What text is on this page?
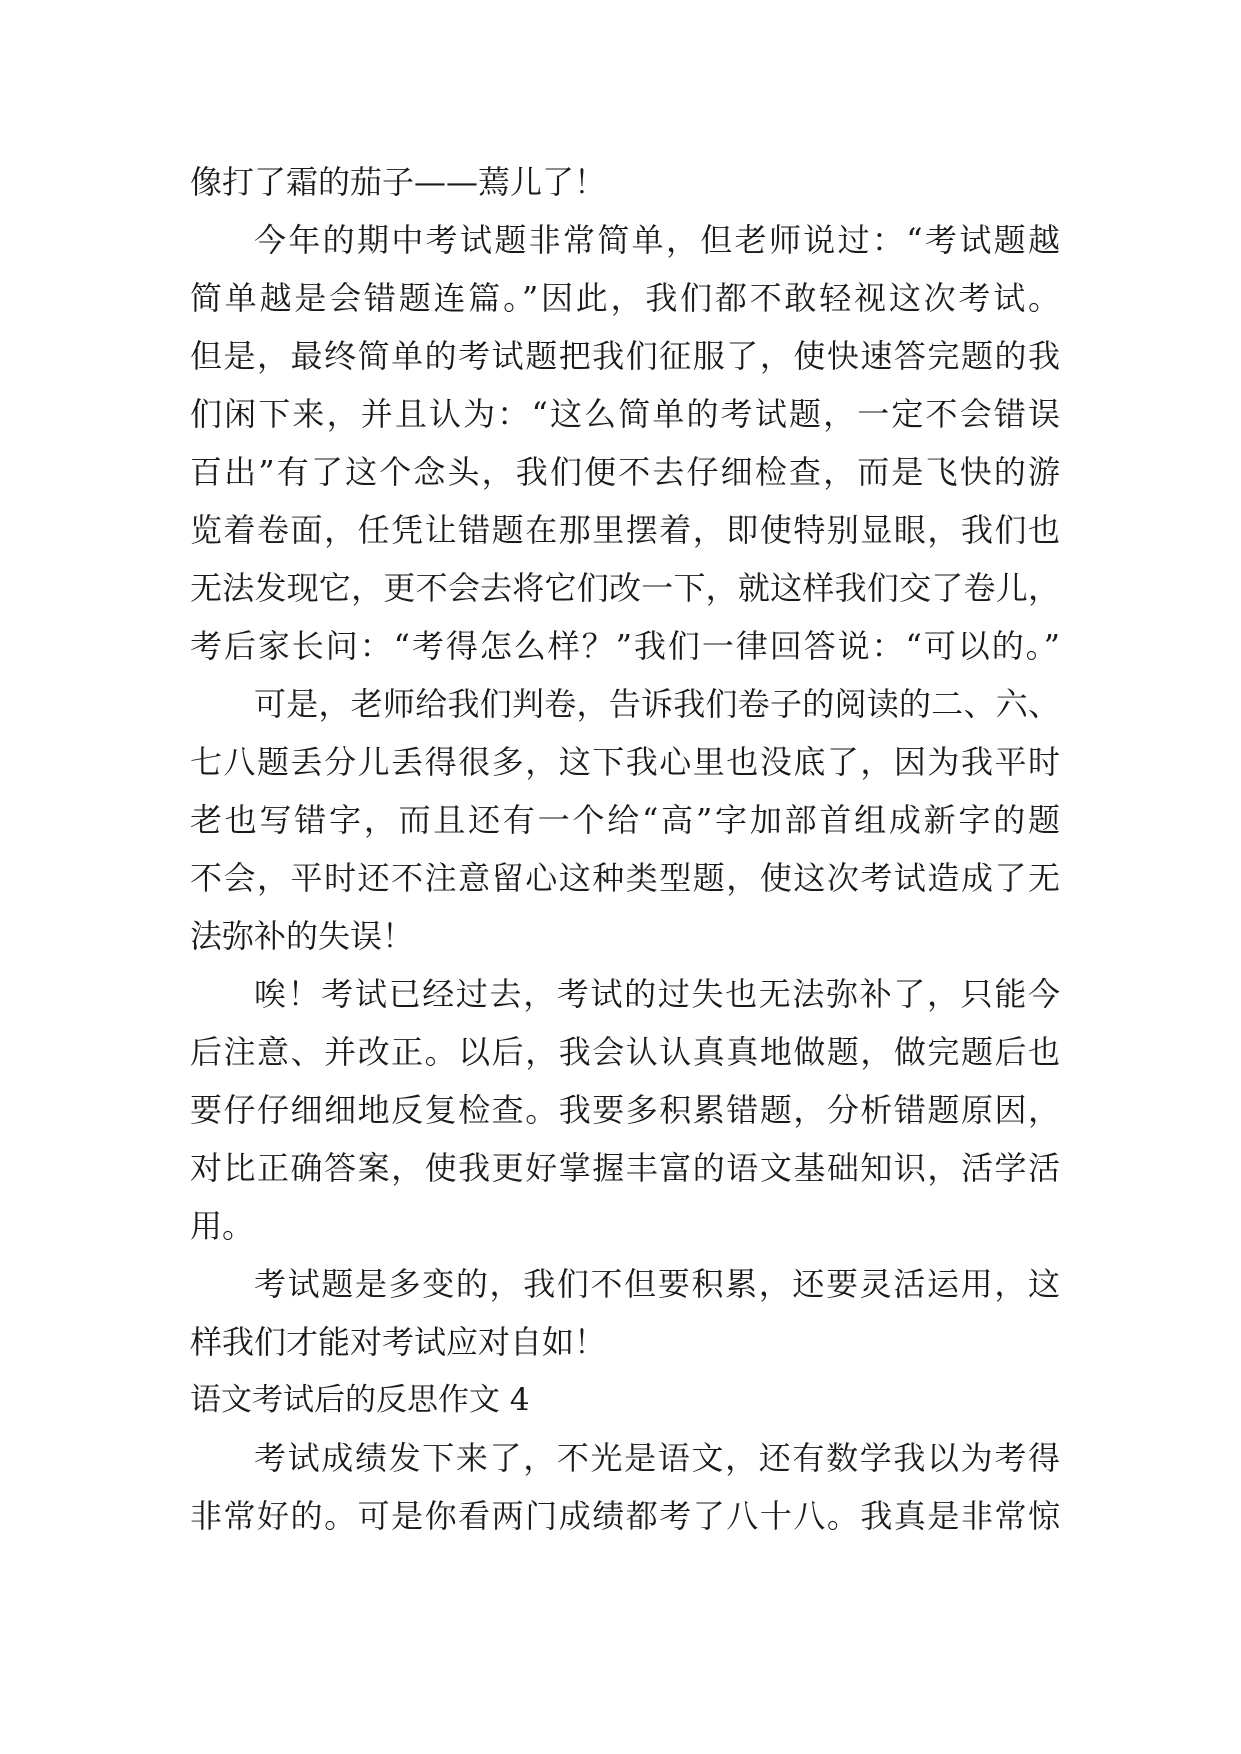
像打了霜的茄子——蔫儿了！
今年的期中考试题非常简单，但老师说过：“考试题越
简单越是会错题连篇。”因此，我们都不敢轻视这次考试。
但是，最终简单的考试题把我们征服了，使快速答完题的我
们闲下来，并且认为：“这么简单的考试题，一定不会错误
百出”有了这个念头，我们便不去仔细检查，而是飞快的游
览着卷面，任凭让错题在那里摆着，即使特别显眼，我们也
无法发现它，更不会去将它们改一下，就这样我们交了卷儿，
考后家长问：“考得怎么样？”我们一律回答说：“可以的。”
可是，老师给我们判卷，告诉我们卷子的阅读的二、六、
七八题丢分儿丢得很多，这下我心里也没底了，因为我平时
老也写错字，而且还有一个给“高”字加部首组成新字的题
不会，平时还不注意留心这种类型题，使这次考试造成了无
法弥补的失误！
唉！考试已经过去，考试的过失也无法弥补了，只能今
后注意、并改正。以后，我会认认真真地做题，做完题后也
要仔仔细细地反复检查。我要多积累错题，分析错题原因，
对比正确答案，使我更好掌握丰富的语文基础知识，活学活
用。
考试题是多变的，我们不但要积累，还要灵活运用，这
样我们才能对考试应对自如！
语文考试后的反思作文 4
考试成绩发下来了，不光是语文，还有数学我以为考得
非常好的。可是你看两门成绩都考了八十八。我真是非常惊
